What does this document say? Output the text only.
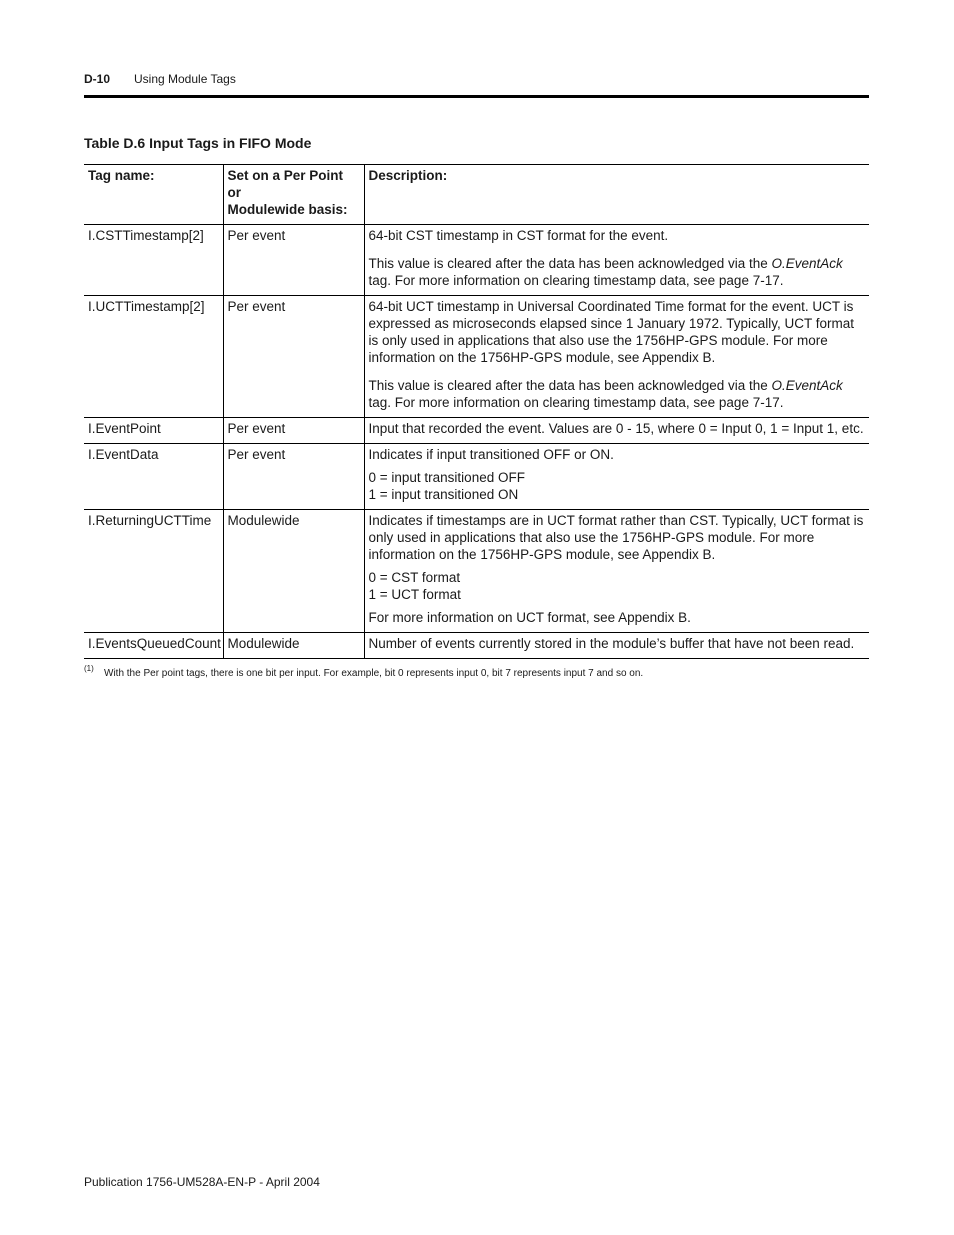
D-10 Using Module Tags
Table D.6 Input Tags in FIFO Mode
Tag name:	Set on a Per Point or
Modulewide basis:	Description:
I.CSTTimestamp[2]	Per event	64-bit CST timestamp in CST format for the event.

This value is cleared after the data has been acknowledged via the O.EventAck tag. For more information on clearing timestamp data, see page 7-17.

I.UCTTimestamp[2]	Per event	64-bit UCT timestamp in Universal Coordinated Time format for the event. UCT is expressed as microseconds elapsed since 1 January 1972. Typically, UCT format is only used in applications that also use the 1756HP-GPS module. For more information on the 1756HP-GPS module, see Appendix B.

This value is cleared after the data has been acknowledged via the O.EventAck tag. For more information on clearing timestamp data, see page 7-17.

I.EventPoint	Per event	Input that recorded the event. Values are 0 - 15, where 0 = Input 0, 1 = Input 1, etc.

I.EventData	Per event	Indicates if input transitioned OFF or ON.

0 = input transitioned OFF

1 = input transitioned ON

I.ReturningUCTTime	Modulewide	Indicates if timestamps are in UCT format rather than CST. Typically, UCT format is only used in applications that also use the 1756HP-GPS module. For more information on the 1756HP-GPS module, see Appendix B.

0 = CST format

1 = UCT format

For more information on UCT format, see Appendix B.

I.EventsQueuedCount	Modulewide	Number of events currently stored in the module’s buffer that have not been read.

$^{(1)}$ With the Per point tags, there is one bit per input. For example, bit 0 represents input 0, bit 7 represents input 7 and so on.
Publication 1756-UM528A-EN-P - April 2004
